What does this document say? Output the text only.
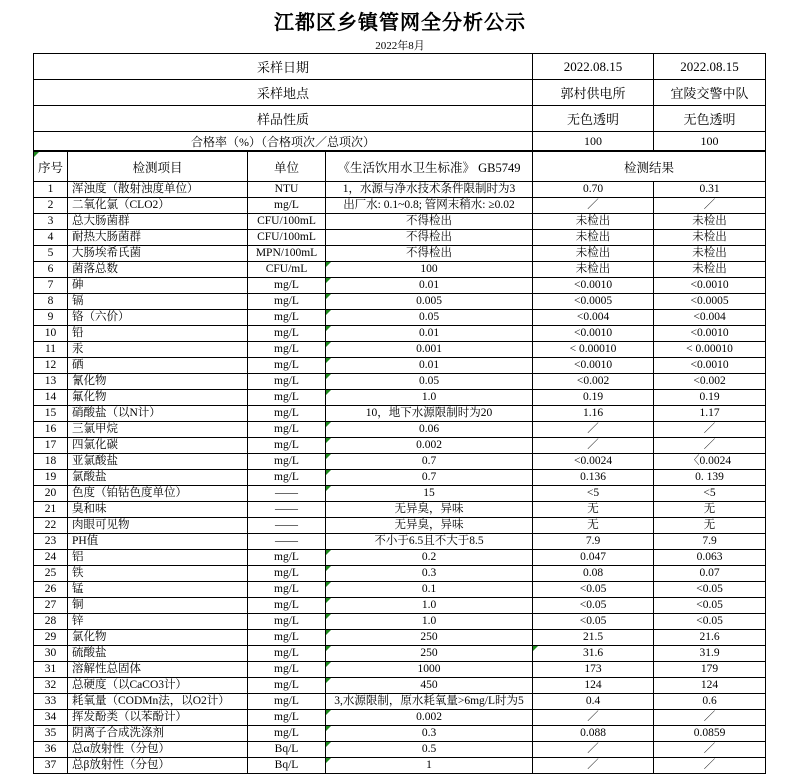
江都区乡镇管网全分析公示
2022年8月
采样日期				2022.08.15	2022.08.15
采样地点				郭村供电所	宜陵交警中队
样品性质				无色透明	无色透明
合格率（%）（合格项次／总项次）				100	100
序号	检测项目	单位	《生活饮用水卫生标准》 GB5749	检测结果	
1	浑浊度（散射浊度单位）	NTU	1，水源与净水技术条件限制时为3	0.70	0.31
2	二氧化氯（CLO2）	mg/L	出厂水: 0.1~0.8; 管网末稍水: ≥0.02	／	／
3	总大肠菌群	CFU/100mL	不得检出	未检出	未检出
4	耐热大肠菌群	CFU/100mL	不得检出	未检出	未检出
5	大肠埃希氏菌	MPN/100mL	不得检出	未检出	未检出
6	菌落总数	CFU/mL	100	未检出	未检出
7	砷	mg/L	0.01	<0.0010	<0.0010
8	镉	mg/L	0.005	<0.0005	<0.0005
9	铬（六价）	mg/L	0.05	<0.004	<0.004
10	铅	mg/L	0.01	<0.0010	<0.0010
11	汞	mg/L	0.001	< 0.00010	< 0.00010
12	硒	mg/L	0.01	<0.0010	<0.0010
13	氰化物	mg/L	0.05	<0.002	<0.002
14	氟化物	mg/L	1.0	0.19	0.19
15	硝酸盐（以N计）	mg/L	10，地下水源限制时为20	1.16	1.17
16	三氯甲烷	mg/L	0.06	／	／
17	四氯化碳	mg/L	0.002	／	／
18	亚氯酸盐	mg/L	0.7	<0.0024	〈0.0024
19	氯酸盐	mg/L	0.7	0.136	0. 139
20	色度（铂钴色度单位）	——	15	<5	<5
21	臭和味	——	无异臭，异味	无	无
22	肉眼可见物	——	无异臭，异味	无	无
23	PH值	——	不小于6.5且不大于8.5	7.9	7.9
24	铝	mg/L	0.2	0.047	0.063
25	铁	mg/L	0.3	0.08	0.07
26	锰	mg/L	0.1	<0.05	<0.05
27	铜	mg/L	1.0	<0.05	<0.05
28	锌	mg/L	1.0	<0.05	<0.05
29	氯化物	mg/L	250	21.5	21.6
30	硫酸盐	mg/L	250	31.6	31.9
31	溶解性总固体	mg/L	1000	173	179
32	总硬度（以CaCO3计）	mg/L	450	124	124
33	耗氧量（CODMn法，以O2计）	mg/L	3,水源限制，原水耗氧量>6mg/L时为5	0.4	0.6
34	挥发酚类（以苯酚计）	mg/L	0.002	／	／
35	阴离子合成洗涤剂	mg/L	0.3	0.088	0.0859
36	总α放射性（分包）	Bq/L	0.5	／	／
37	总β放射性（分包）	Bq/L	1	／	／
